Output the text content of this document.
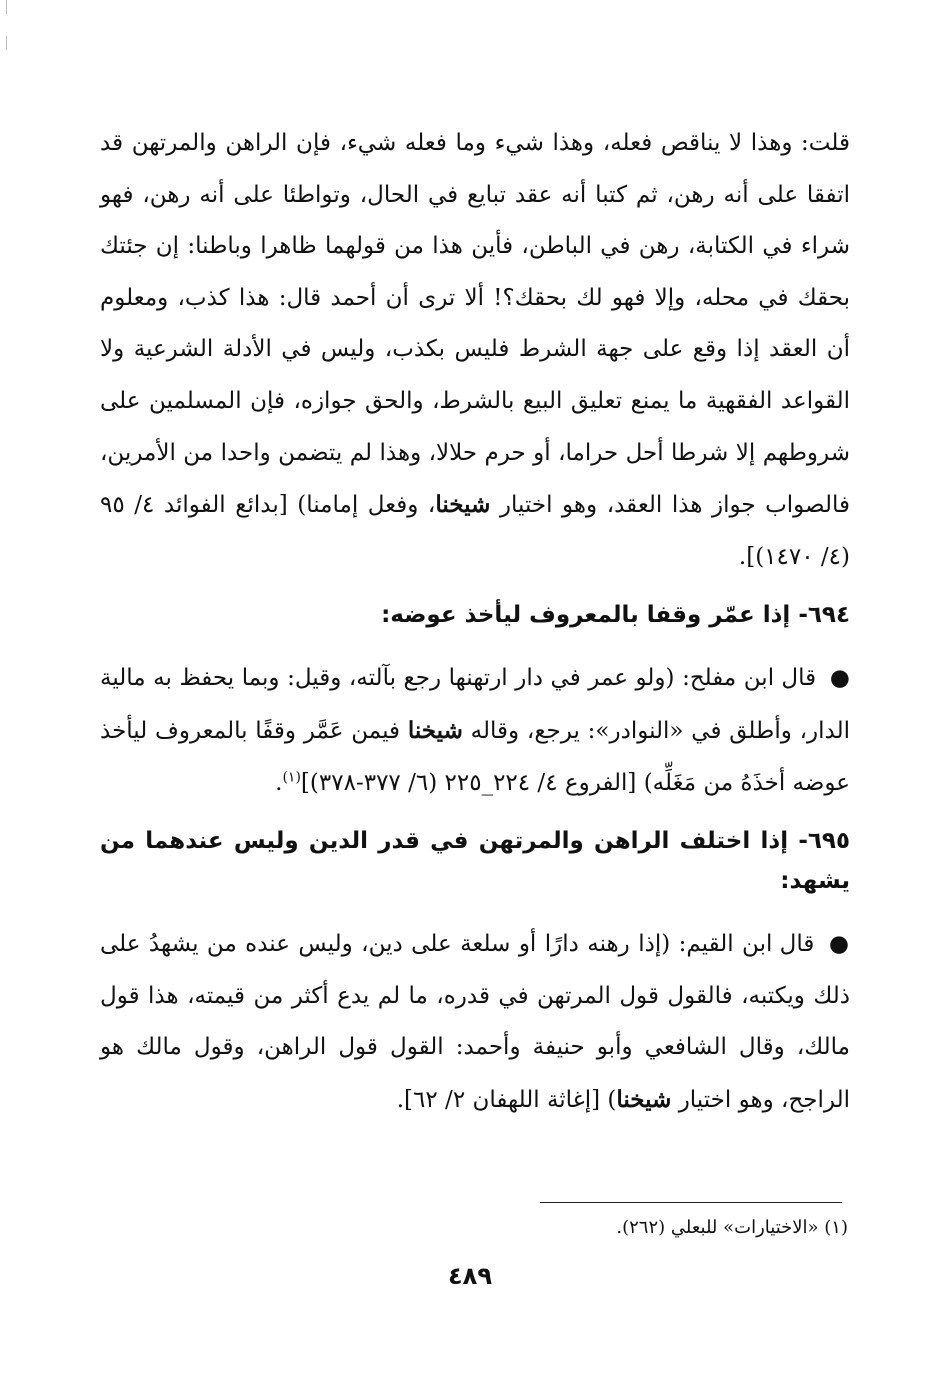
قلت: وهذا لا يناقص فعله، وهذا شيء وما فعله شيء، فإن الراهن والمرتهن قد اتفقا على أنه رهن، ثم كتبا أنه عقد تبايع في الحال، وتواطئا على أنه رهن، فهو شراء في الكتابة، رهن في الباطن، فأين هذا من قولهما ظاهرا وباطنا: إن جئتك بحقك في محله، وإلا فهو لك بحقك؟! ألا ترى أن أحمد قال: هذا كذب، ومعلوم أن العقد إذا وقع على جهة الشرط فليس بكذب، وليس في الأدلة الشرعية ولا القواعد الفقهية ما يمنع تعليق البيع بالشرط، والحق جوازه، فإن المسلمين على شروطهم إلا شرطا أحل حراما، أو حرم حلالا، وهذا لم يتضمن واحدا من الأمرين، فالصواب جواز هذا العقد، وهو اختيار شيخنا، وفعل إمامنا) [بدائع الفوائد ٤/ ٩٥ (٤/ ١٤٧٠)].

٦٩٤- إذا عمّر وقفا بالمعروف ليأخذ عوضه:

● قال ابن مفلح: (ولو عمر في دار ارتهنها رجع بآلته، وقيل: وبما يحفظ به مالية الدار، وأطلق في «النوادر»: يرجع، وقاله شيخنا فيمن عَمَّر وقفًا بالمعروف ليأخذ عوضه أخذَهُ من مَغَلِّه) [الفروع ٤/ ٢٢٤_٢٢٥ (٦/ ٣٧٧-٣٧٨)]$^{(١)}$.

٦٩٥- إذا اختلف الراهن والمرتهن في قدر الدين وليس عندهما من يشهد:

● قال ابن القيم: (إذا رهنه دارًا أو سلعة على دين، وليس عنده من يشهدُ على ذلك ويكتبه، فالقول قول المرتهن في قدره، ما لم يدع أكثر من قيمته، هذا قول مالك، وقال الشافعي وأبو حنيفة وأحمد: القول قول الراهن، وقول مالك هو الراجح، وهو اختيار شيخنا) [إغاثة اللهفان ٢/ ٦٢].

(١) «الاختيارات» للبعلي (٢٦٢).
٤٨٩
